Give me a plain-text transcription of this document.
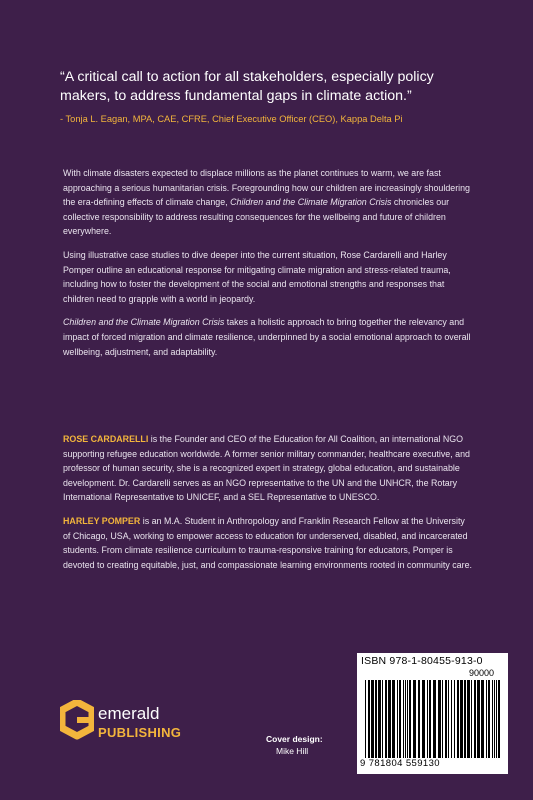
“A critical call to action for all stakeholders, especially policy makers, to address fundamental gaps in climate action.”
- Tonja L. Eagan, MPA, CAE, CFRE, Chief Executive Officer (CEO), Kappa Delta Pi

With climate disasters expected to displace millions as the planet continues to warm, we are fast approaching a serious humanitarian crisis. Foregrounding how our children are increasingly shouldering the era-defining effects of climate change, Children and the Climate Migration Crisis chronicles our collective responsibility to address resulting consequences for the wellbeing and future of children everywhere.

Using illustrative case studies to dive deeper into the current situation, Rose Cardarelli and Harley Pomper outline an educational response for mitigating climate migration and stress-related trauma, including how to foster the development of the social and emotional strengths and responses that children need to grapple with a world in jeopardy.

Children and the Climate Migration Crisis takes a holistic approach to bring together the relevancy and impact of forced migration and climate resilience, underpinned by a social emotional approach to overall wellbeing, adjustment, and adaptability.

ROSE CARDARELLI is the Founder and CEO of the Education for All Coalition, an international NGO supporting refugee education worldwide. A former senior military commander, healthcare executive, and professor of human security, she is a recognized expert in strategy, global education, and sustainable development. Dr. Cardarelli serves as an NGO representative to the UN and the UNHCR, the Rotary International Representative to UNICEF, and a SEL Representative to UNESCO.

HARLEY POMPER is an M.A. Student in Anthropology and Franklin Research Fellow at the University of Chicago, USA, working to empower access to education for underserved, disabled, and incarcerated students. From climate resilience curriculum to trauma-responsive training for educators, Pomper is devoted to creating equitable, just, and compassionate learning environments rooted in community care.

emerald
PUBLISHING	Cover design:
Mike Hill
ISBN 978-1-80455-913-0
90000
9 781804 559130
